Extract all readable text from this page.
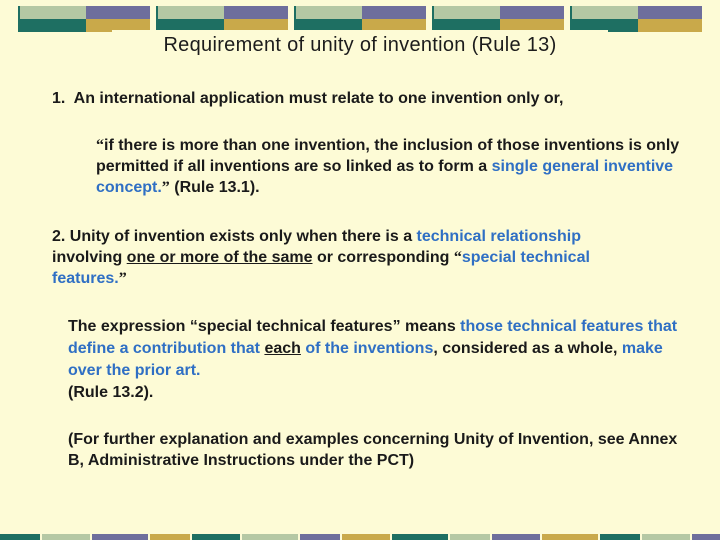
Requirement of unity of invention (Rule 13)
1. An international application must relate to one invention only or,
“if there is more than one invention, the inclusion of those inventions is only permitted if all inventions are so linked as to form a single general inventive concept.” (Rule 13.1).
2. Unity of invention exists only when there is a technical relationship involving one or more of the same or corresponding “special technical features.”
The expression “special technical features” means those technical features that define a contribution that each of the inventions, considered as a whole, make over the prior art.
(Rule 13.2).
(For further explanation and examples concerning Unity of Invention, see Annex B, Administrative Instructions under the PCT)
